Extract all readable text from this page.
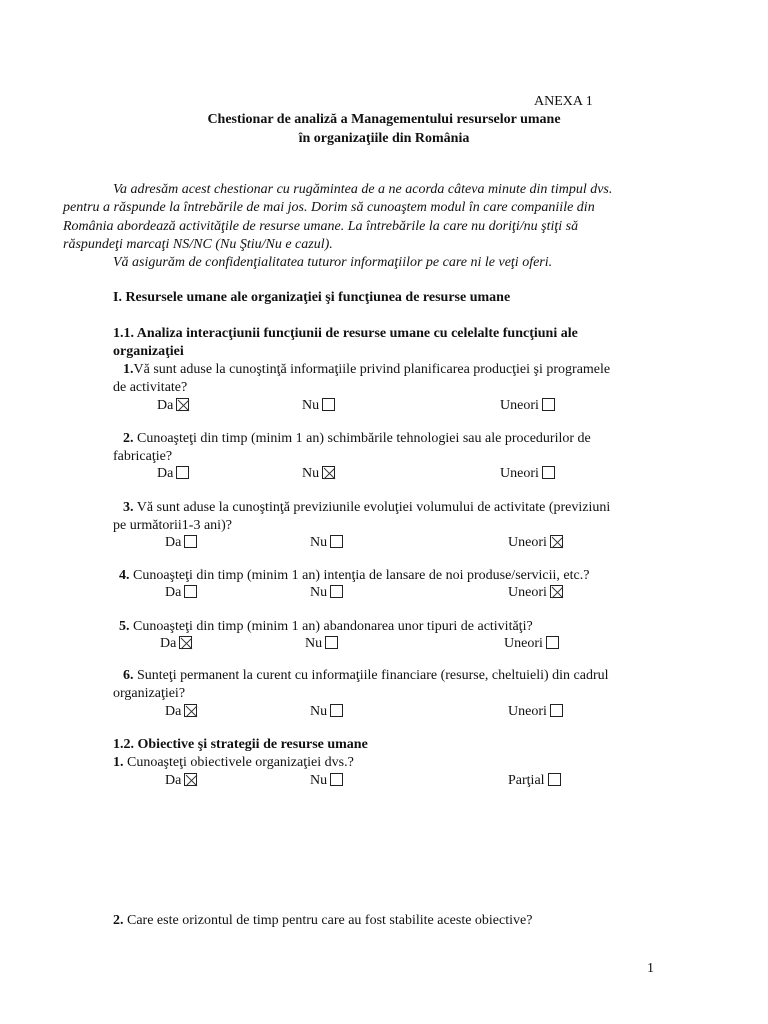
ANEXA 1
Chestionar de analiză a Managementului resurselor umane
în organizaţiile din România
Va adresăm acest chestionar cu rugămintea de a ne acorda câteva minute din timpul dvs.
pentru a răspunde la întrebările de mai jos. Dorim să cunoaştem modul în care companiile din
România abordează activităţile de resurse umane. La întrebările la care nu doriţi/nu ştiţi să
răspundeţi marcaţi NS/NC (Nu Ştiu/Nu e cazul).
Vă asigurăm de confidenţialitatea tuturor informaţiilor pe care ni le veţi oferi.
I. Resursele umane ale organizaţiei şi funcţiunea de resurse umane
1.1. Analiza interacţiunii funcţiunii de resurse umane cu celelalte funcţiuni ale
organizaţiei
1.Vă sunt aduse la cunoştinţă informaţiile privind planificarea producţiei şi programele
de activitate?
Da	Nu	Uneori
2. Cunoaşteţi din timp (minim 1 an) schimbările tehnologiei sau ale procedurilor de
fabricaţie?
Da	Nu	Uneori
3. Vă sunt aduse la cunoştinţă previziunile evoluţiei volumului de activitate (previziuni
pe următorii1-3 ani)?
Da	Nu	Uneori
4. Cunoaşteţi din timp (minim 1 an) intenţia de lansare de noi produse/servicii, etc.?
Da	Nu	Uneori
5. Cunoaşteţi din timp (minim 1 an) abandonarea unor tipuri de activităţi?
Da	Nu	Uneori
6. Sunteţi permanent la curent cu informaţiile financiare (resurse, cheltuieli) din cadrul
organizaţiei?
Da	Nu	Uneori
1.2. Obiective şi strategii de resurse umane
1. Cunoaşteţi obiectivele organizaţiei dvs.?
Da	Nu	Parţial
2. Care este orizontul de timp pentru care au fost stabilite aceste obiective?
1
